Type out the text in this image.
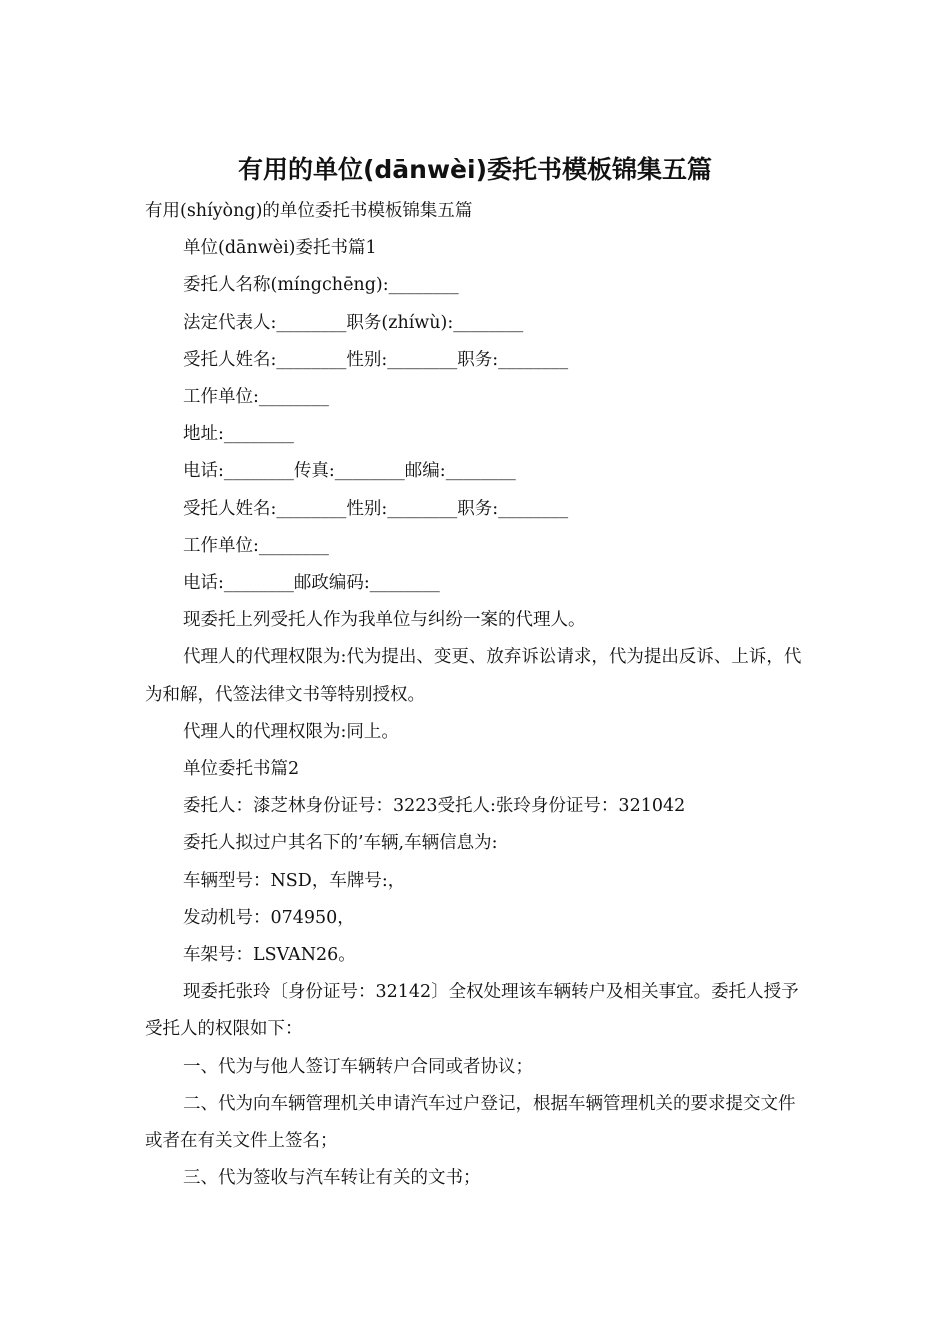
有用的单位(dānwèi)委托书模板锦集五篇

有用(shíyòng)的单位委托书模板锦集五篇

单位(dānwèi)委托书篇1

委托人名称(míngchēng):________

法定代表人:________职务(zhíwù):________

受托人姓名:________性别:________职务:________

工作单位:________

地址:________

电话:________传真:________邮编:________

受托人姓名:________性别:________职务:________

工作单位:________

电话:________邮政编码:________

现委托上列受托人作为我单位与纠纷一案的代理人。

代理人的代理权限为:代为提出、变更、放弃诉讼请求，代为提出反诉、上诉，代为和解，代签法律文书等特别授权。

代理人的代理权限为:同上。

单位委托书篇2

委托人：漆芝林身份证号：3223受托人:张玲身份证号：321042

委托人拟过户其名下的’车辆,车辆信息为:

车辆型号：NSD，车牌号:，

发动机号：074950，

车架号：LSVAN26。

现委托张玲〔身份证号：32142〕全权处理该车辆转户及相关事宜。委托人授予受托人的权限如下：

一、代为与他人签订车辆转户合同或者协议；

二、代为向车辆管理机关申请汽车过户登记，根据车辆管理机关的要求提交文件或者在有关文件上签名；

三、代为签收与汽车转让有关的文书；
